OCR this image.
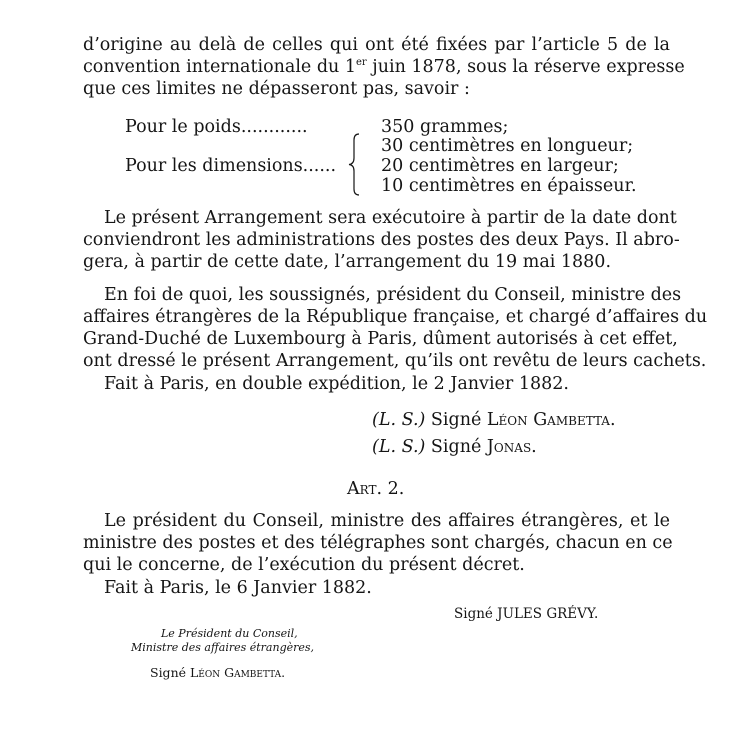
d’origine au delà de celles qui ont été fixées par l’article 5 de la
convention internationale du 1er juin 1878, sous la réserve expresse
que ces limites ne dépasseront pas, savoir :
Pour le poids............	350 grammes;
Pour les dimensions......
30 centimètres en longueur;
20 centimètres en largeur;
10 centimètres en épaisseur.
Le présent Arrangement sera exécutoire à partir de la date dont
conviendront les administrations des postes des deux Pays. Il abro-
gera, à partir de cette date, l’arrangement du 19 mai 1880.
En foi de quoi, les soussignés, président du Conseil, ministre des
affaires étrangères de la République française, et chargé d’affaires du
Grand-Duché de Luxembourg à Paris, dûment autorisés à cet effet,
ont dressé le présent Arrangement, qu’ils ont revêtu de leurs cachets.
Fait à Paris, en double expédition, le 2 Janvier 1882.
(L. S.) Signé Léon Gambetta.
(L. S.) Signé Jonas.
Art. 2.
Le président du Conseil, ministre des affaires étrangères, et le
ministre des postes et des télégraphes sont chargés, chacun en ce
qui le concerne, de l’exécution du présent décret.
Fait à Paris, le 6 Janvier 1882.
Signé JULES GRÉVY.
Le Président du Conseil,
Ministre des affaires étrangères,
Signé Léon Gambetta.
